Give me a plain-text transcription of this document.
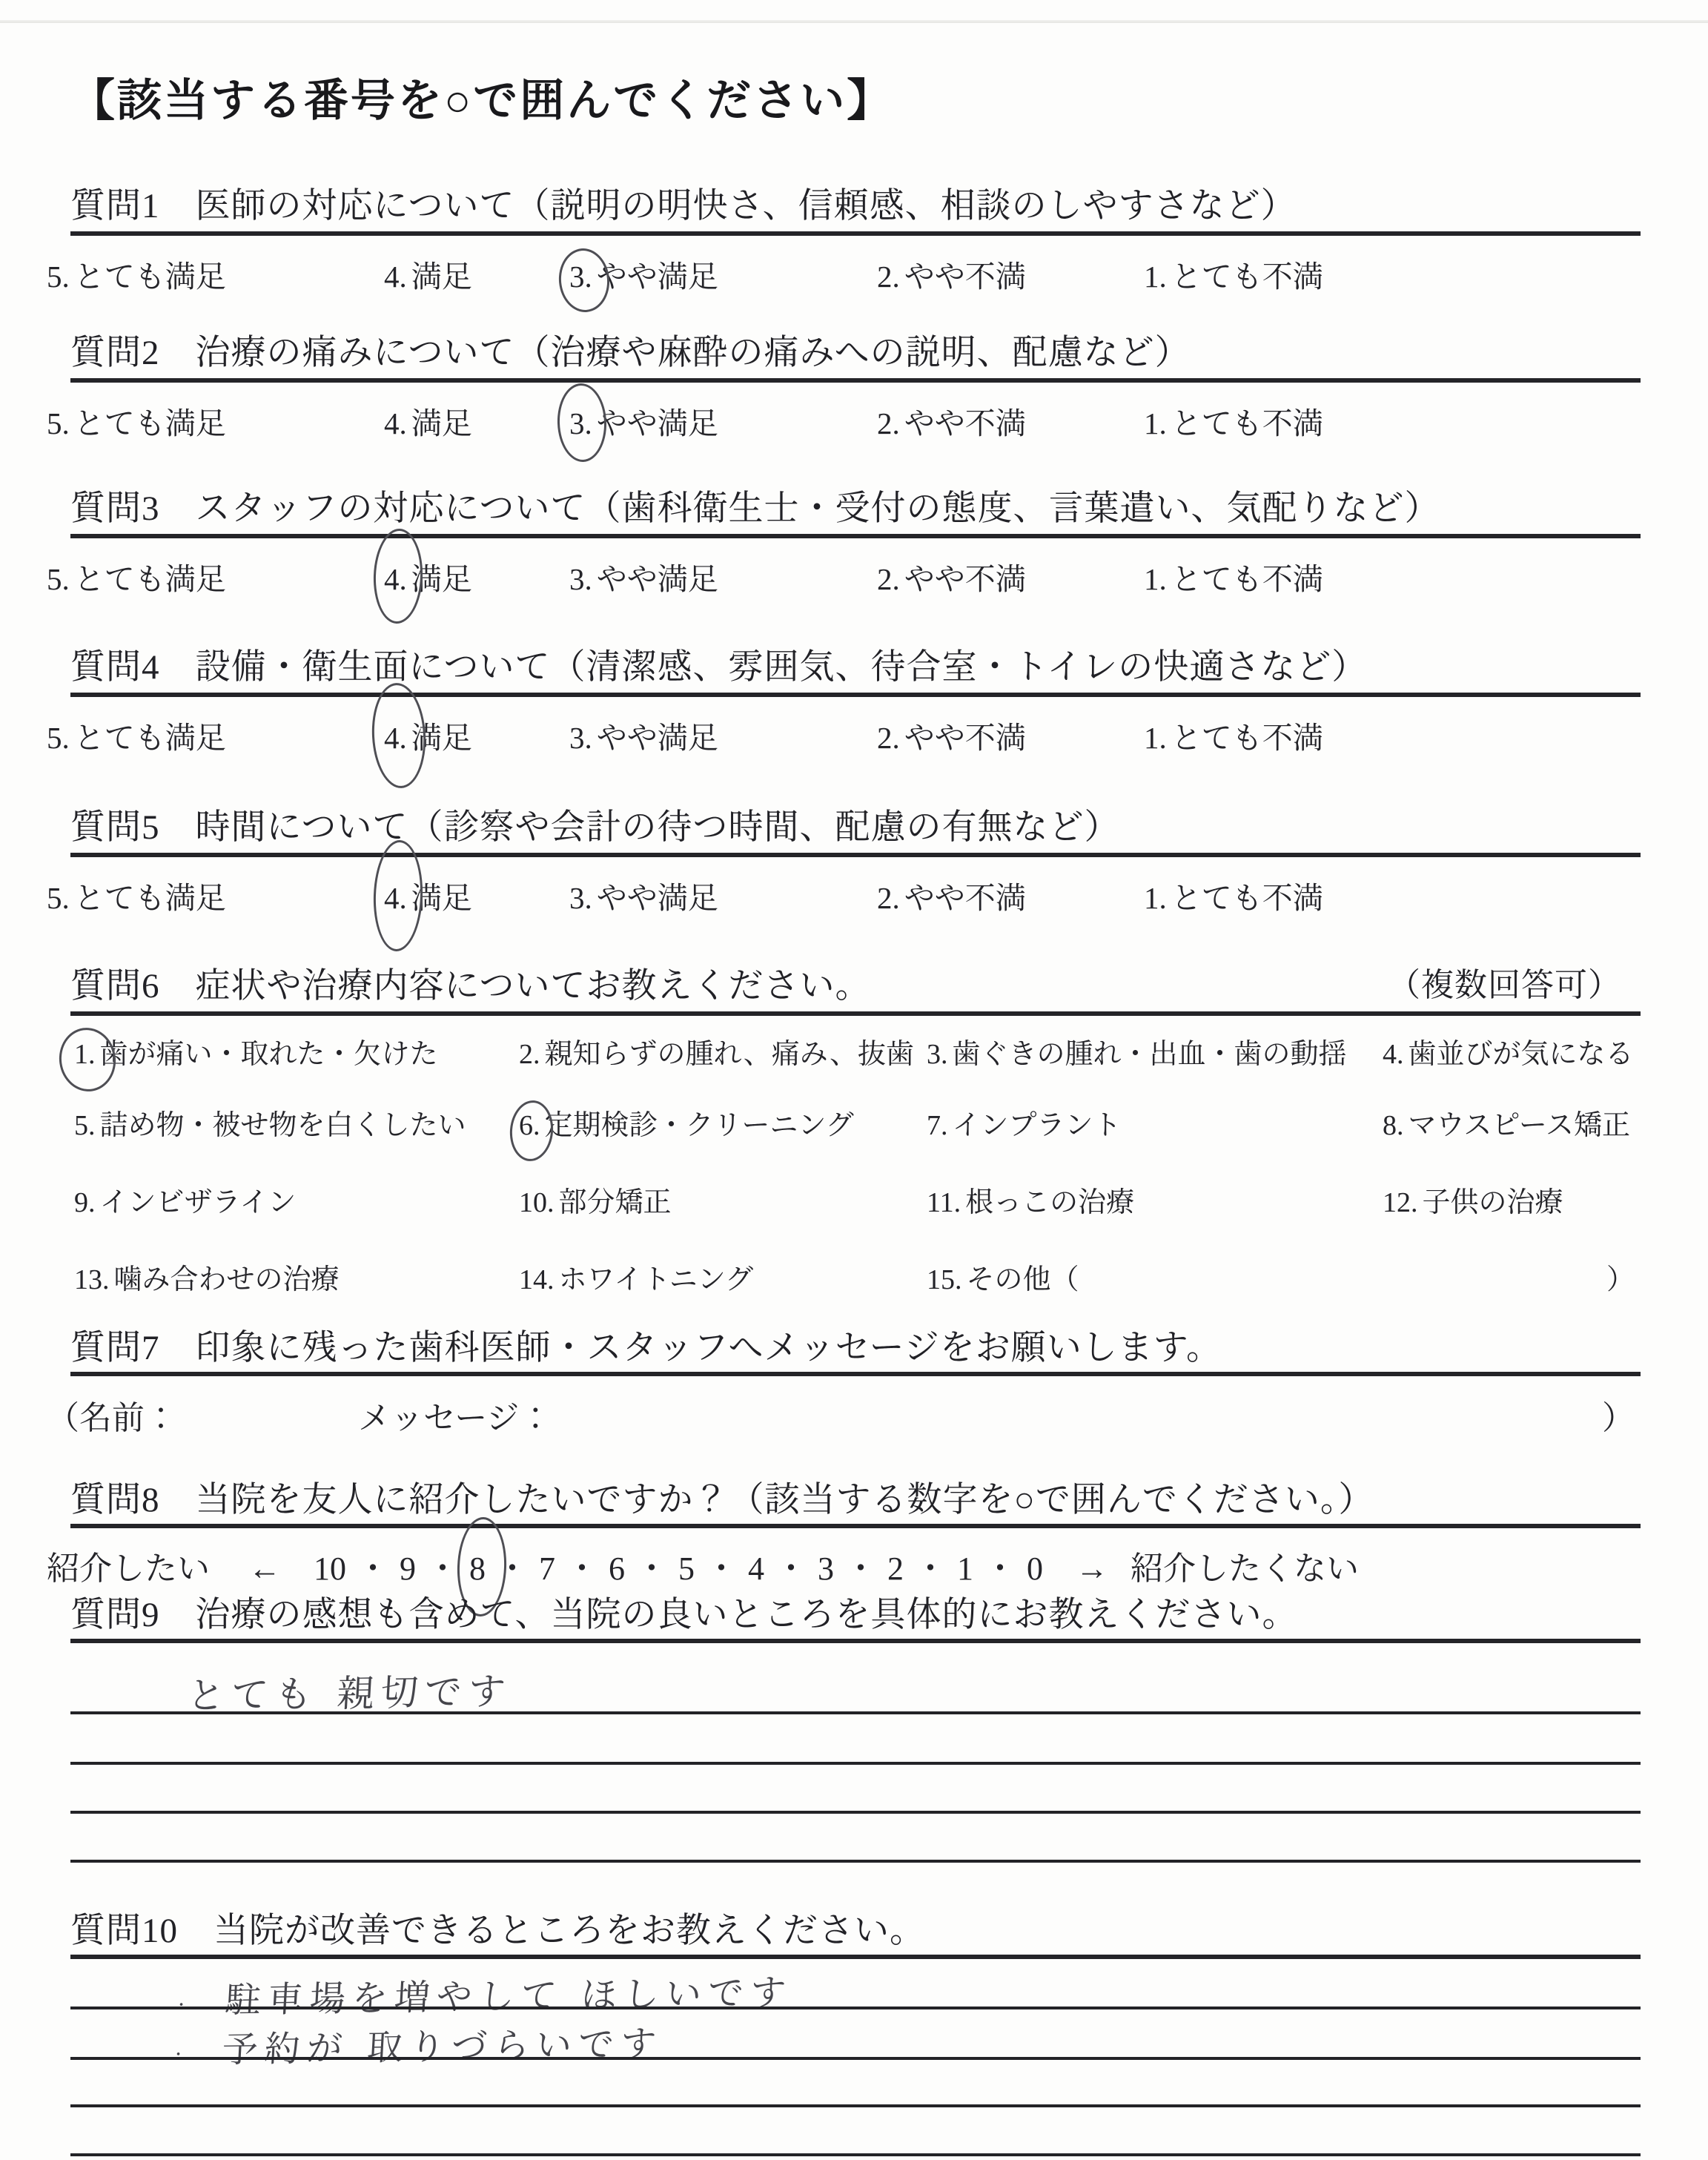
【該当する番号を○で囲んでください】
質問1　医師の対応について（説明の明快さ、信頼感、相談のしやすさなど）
5. とても満足	4. 満足	3. やや満足	2. やや不満	1. とても不満
質問2　治療の痛みについて（治療や麻酔の痛みへの説明、配慮など）
5. とても満足	4. 満足	3. やや満足	2. やや不満	1. とても不満
質問3　スタッフの対応について（歯科衛生士・受付の態度、言葉遣い、気配りなど）
5. とても満足	4. 満足	3. やや満足	2. やや不満	1. とても不満
質問4　設備・衛生面について（清潔感、雰囲気、待合室・トイレの快適さなど）
5. とても満足	4. 満足	3. やや満足	2. やや不満	1. とても不満
質問5　時間について（診察や会計の待つ時間、配慮の有無など）
5. とても満足	4. 満足	3. やや満足	2. やや不満	1. とても不満
質問6　症状や治療内容についてお教えください。	（複数回答可）
1. 歯が痛い・取れた・欠けた	2. 親知らずの腫れ、痛み、抜歯 3. 歯ぐきの腫れ・出血・歯の動揺 4. 歯並びが気になる
5. 詰め物・被せ物を白くしたい 6. 定期検診・クリーニング	7. インプラント	8. マウスピース矯正
9. インビザライン	10. 部分矯正	11. 根っこの治療	12. 子供の治療
13. 噛み合わせの治療	14. ホワイトニング	15. その他（	）
質問7　印象に残った歯科医師・スタッフへメッセージをお願いします。
（名前：	メッセージ：	）
質問8　当院を友人に紹介したいですか？（該当する数字を○で囲んでください。）
紹介したい ← 10 ・ 9 ・ 8 ・ 7 ・ 6 ・ 5 ・ 4 ・ 3 ・ 2 ・ 1 ・ 0 → 紹介したくない
質問9　治療の感想も含めて、当院の良いところを具体的にお教えください。
とても 親切です
質問10　当院が改善できるところをお教えください。
・ 駐車場を増やして ほしいです
・ 予約が 取りづらいです
